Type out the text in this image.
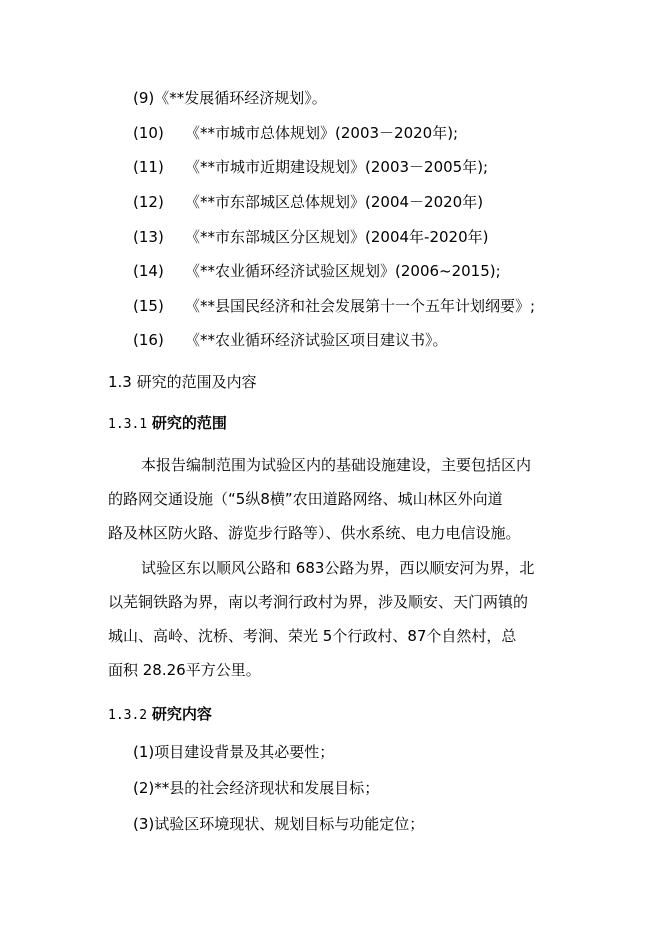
(9)《**发展循环经济规划》。
(10) 《**市城市总体规划》(2003－2020年);
(11) 《**市城市近期建设规划》(2003－2005年);
(12) 《**市东部城区总体规划》(2004－2020年)
(13) 《**市东部城区分区规划》(2004年-2020年)
(14) 《**农业循环经济试验区规划》(2006~2015);
(15) 《**县国民经济和社会发展第十一个五年计划纲要》;
(16) 《**农业循环经济试验区项目建议书》。
1.3 研究的范围及内容
1.3.1 研究的范围
本报告编制范围为试验区内的基础设施建设，主要包括区内
的路网交通设施（“5纵8横”农田道路网络、城山林区外向道
路及林区防火路、游览步行路等）、供水系统、电力电信设施。
试验区东以顺风公路和 683公路为界，西以顺安河为界，北
以芜铜铁路为界，南以考涧行政村为界，涉及顺安、天门两镇的
城山、高岭、沈桥、考涧、荣光 5个行政村、87个自然村，总
面积 28.26平方公里。
1.3.2 研究内容
(1)项目建设背景及其必要性；
(2)**县的社会经济现状和发展目标；
(3)试验区环境现状、规划目标与功能定位；
